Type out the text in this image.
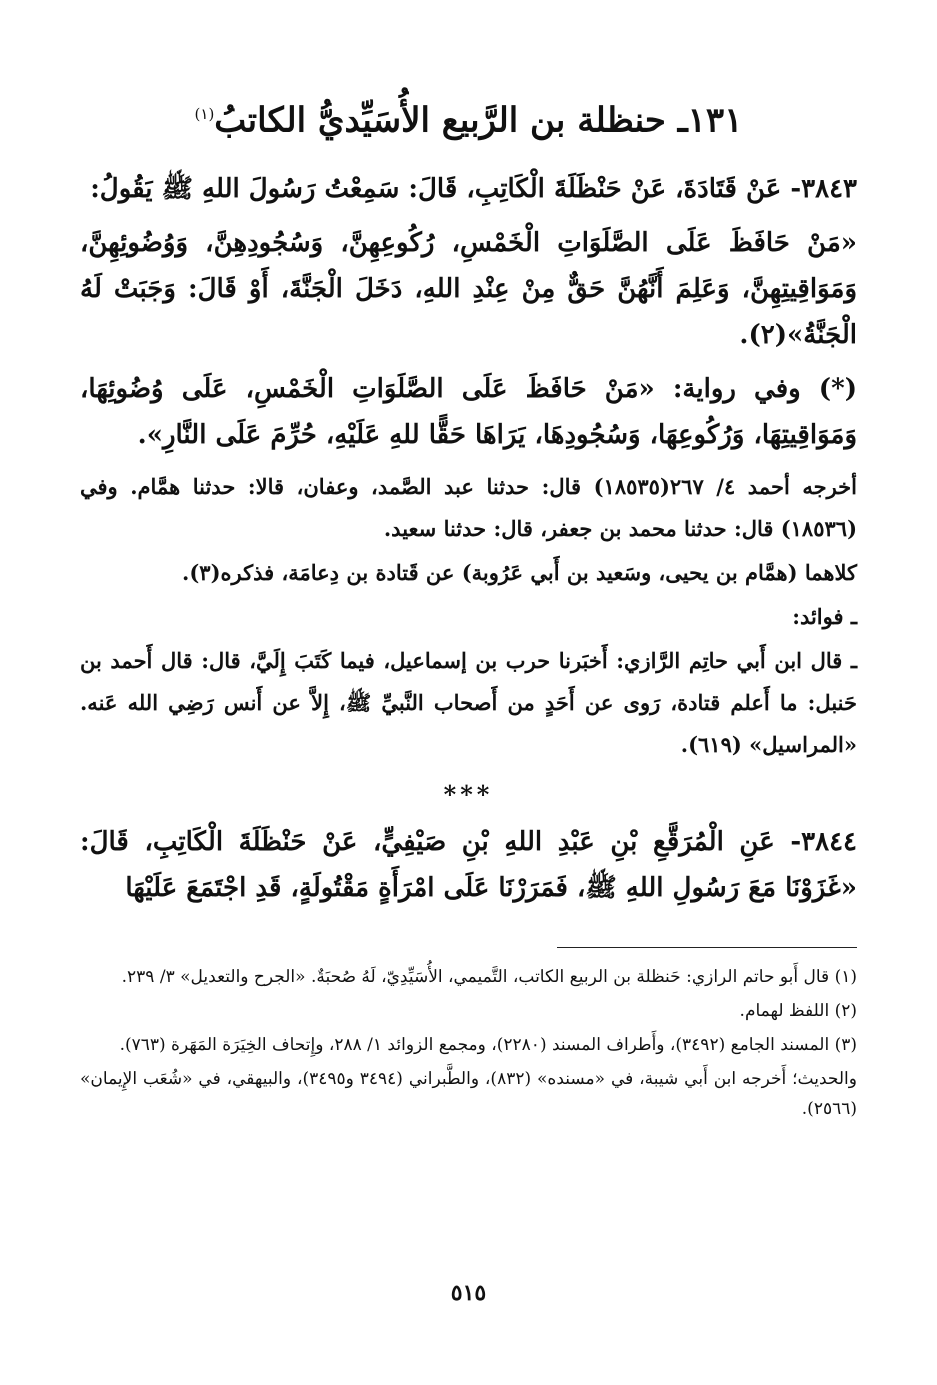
١٣١ـ حنظلة بن الرَّبيع الأُسَيِّديُّ الكاتبُ$^{(١)}$

٣٨٤٣- عَنْ قَتَادَةَ، عَنْ حَنْظَلَةَ الْكَاتِبِ، قَالَ: سَمِعْتُ رَسُولَ اللهِ ﷺ يَقُولُ:

«مَنْ حَافَظَ عَلَى الصَّلَوَاتِ الْخَمْسِ، رُكُوعِهِنَّ، وَسُجُودِهِنَّ، وَوُضُوئِهِنَّ، وَمَوَاقِيتِهِنَّ، وَعَلِمَ أَنَّهُنَّ حَقٌّ مِنْ عِنْدِ اللهِ، دَخَلَ الْجَنَّةَ، أَوْ قَالَ: وَجَبَتْ لَهُ الْجَنَّةُ»(٢).

(*) وفي رواية: «مَنْ حَافَظَ عَلَى الصَّلَوَاتِ الْخَمْسِ، عَلَى وُضُوئِهَا، وَمَوَاقِيتِهَا، وَرُكُوعِهَا، وَسُجُودِهَا، يَرَاهَا حَقًّا للهِ عَلَيْهِ، حُرِّمَ عَلَى النَّارِ».

أخرجه أحمد ٤/ ٢٦٧(١٨٥٣٥) قال: حدثنا عبد الصَّمد، وعفان، قالا: حدثنا همَّام. وفي (١٨٥٣٦) قال: حدثنا محمد بن جعفر، قال: حدثنا سعيد.

كلاهما (همَّام بن يحيى، وسَعيد بن أَبي عَرُوبة) عن قَتادة بن دِعامَة، فذكره(٣).

ـ فوائد:

ـ قال ابن أَبي حاتِم الرَّازي: أَخبَرنا حرب بن إسماعيل، فيما كَتَبَ إِلَيَّ، قال: قال أَحمد بن حَنبل: ما أَعلم قتادة، رَوى عن أَحَدٍ من أَصحاب النَّبيِّ ﷺ، إِلاَّ عن أَنس رَضِي الله عَنه. «المراسيل» (٦١٩).

***

٣٨٤٤- عَنِ الْمُرَقَّعِ بْنِ عَبْدِ اللهِ بْنِ صَيْفِيٍّ، عَنْ حَنْظَلَةَ الْكَاتِبِ، قَالَ: «غَزَوْنَا مَعَ رَسُولِ اللهِ ﷺ، فَمَرَرْنَا عَلَى امْرَأَةٍ مَقْتُولَةٍ، قَدِ اجْتَمَعَ عَلَيْهَا

(١) قال أَبو حاتم الرازي: حَنظلة بن الربيع الكاتب، التَّميمي، الأُسَيِّدِيّ، لَهُ صُحبَةٌ. «الجرح والتعديل» ٣/ ٢٣٩.

(٢) اللفظ لهمام.

(٣) المسند الجامع (٣٤٩٢)، وأَطراف المسند (٢٢٨٠)، ومجمع الزوائد ١/ ٢٨٨، وإِتحاف الخِيَرَة المَهَرة (٧٦٣).

والحديث؛ أَخرجه ابن أَبي شيبة، في «مسنده» (٨٣٢)، والطَّبراني (٣٤٩٤ و٣٤٩٥)، والبيهقي، في «شُعَب الإِيمان» (٢٥٦٦).

٥١٥
